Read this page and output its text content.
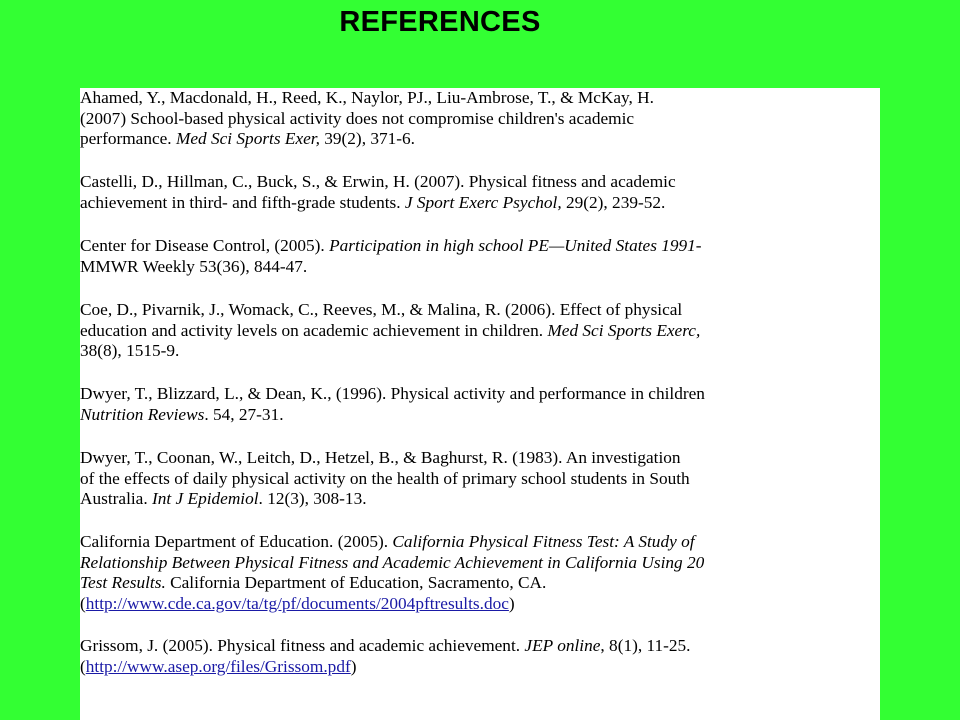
REFERENCES
Ahamed, Y., Macdonald, H., Reed, K., Naylor, PJ., Liu-Ambrose, T., & McKay, H.
(2007) School-based physical activity does not compromise children's academic
performance. Med Sci Sports Exer, 39(2), 371-6.
Castelli, D., Hillman, C., Buck, S., & Erwin, H. (2007). Physical fitness and academic
achievement in third- and fifth-grade students. J Sport Exerc Psychol, 29(2), 239-52.
Center for Disease Control, (2005). Participation in high school PE—United States 1991-
MMWR Weekly 53(36), 844-47.
Coe, D., Pivarnik, J., Womack, C., Reeves, M., & Malina, R. (2006). Effect of physical
education and activity levels on academic achievement in children. Med Sci Sports Exerc,
38(8), 1515-9.
Dwyer, T., Blizzard, L., & Dean, K., (1996). Physical activity and performance in children
Nutrition Reviews. 54, 27-31.
Dwyer, T., Coonan, W., Leitch, D., Hetzel, B., & Baghurst, R. (1983). An investigation
of the effects of daily physical activity on the health of primary school students in South
Australia. Int J Epidemiol. 12(3), 308-13.
California Department of Education. (2005). California Physical Fitness Test: A Study of
Relationship Between Physical Fitness and Academic Achievement in California Using 20
Test Results. California Department of Education, Sacramento, CA.
(http://www.cde.ca.gov/ta/tg/pf/documents/2004pftresults.doc)
Grissom, J. (2005). Physical fitness and academic achievement. JEP online, 8(1), 11-25.
(http://www.asep.org/files/Grissom.pdf)
